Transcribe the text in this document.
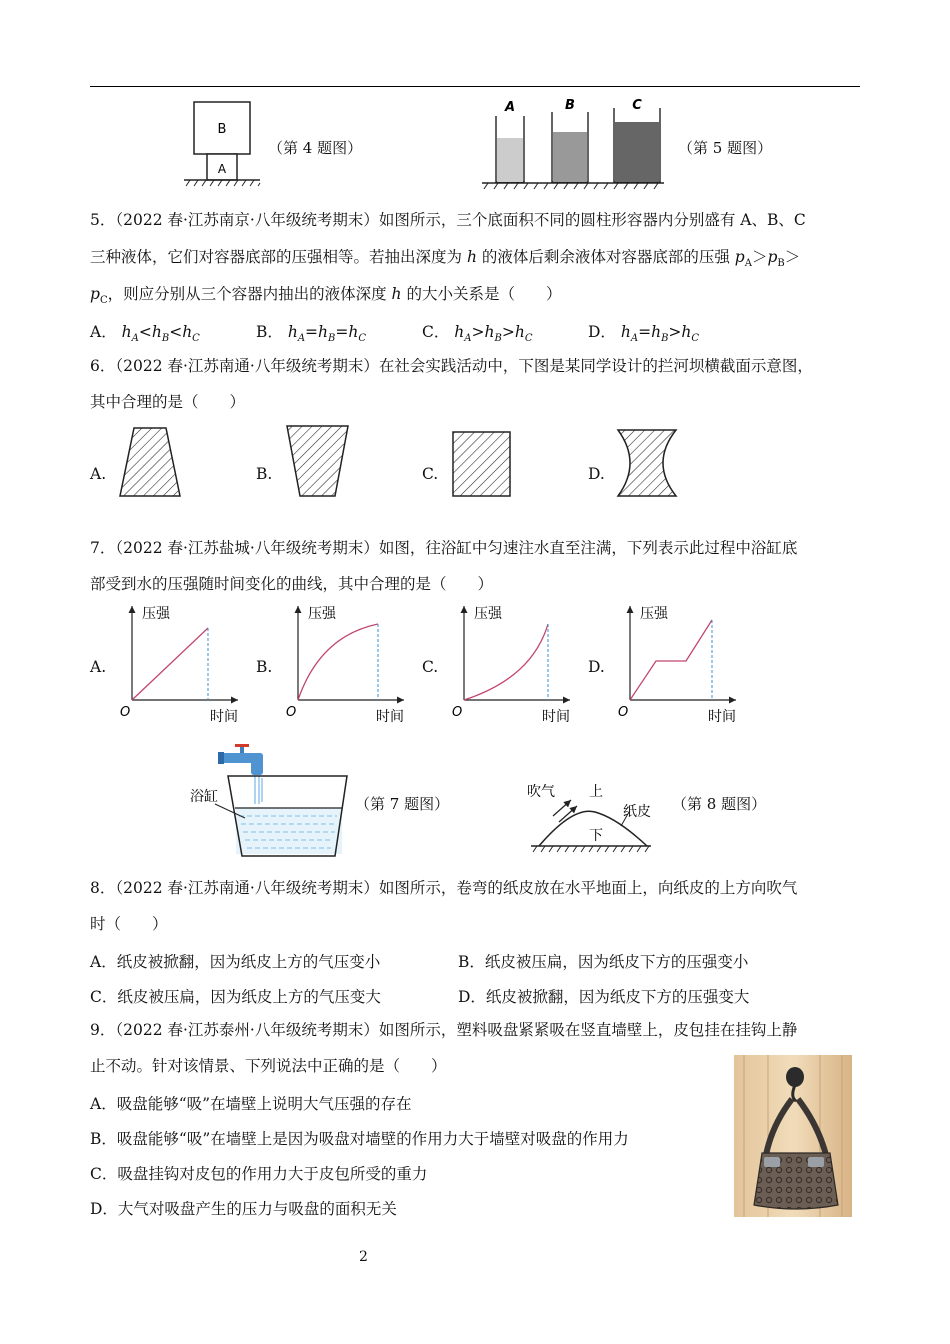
B
A
（第 4 题图）
A	B	C
（第 5 题图）
5．（2022 春·江苏南京·八年级统考期末）如图所示，三个底面积不同的圆柱形容器内分别盛有 A、B、C
三种液体，它们对容器底部的压强相等。若抽出深度为 h 的液体后剩余液体对容器底部的压强 $p_A>p_B>$
$p_C$，则应分别从三个容器内抽出的液体深度 h 的大小关系是（　　）
A． $h_A<h_B<h_C$	B． $h_A=h_B=h_C$	C． $h_A>h_B>h_C$	D． $h_A=h_B>h_C$
6．（2022 春·江苏南通·八年级统考期末）在社会实践活动中，下图是某同学设计的拦河坝横截面示意图，
其中合理的是（　　）
A.	B.	C.	D.
7．（2022 春·江苏盐城·八年级统考期末）如图，往浴缸中匀速注水直至注满，下列表示此过程中浴缸底
部受到水的压强随时间变化的曲线，其中合理的是（　　）
压强
时间
O
压强
时间
O
压强
时间
O
压强
时间
O
A.	B.	C.	D.
浴缸	（第 7 题图）
吹气 上
纸皮
下
（第 8 题图）
8．（2022 春·江苏南通·八年级统考期末）如图所示，卷弯的纸皮放在水平地面上，向纸皮的上方向吹气
时（　　）
A．纸皮被掀翻，因为纸皮上方的气压变小	B．纸皮被压扁，因为纸皮下方的压强变小
C．纸皮被压扁，因为纸皮上方的气压变大	D．纸皮被掀翻，因为纸皮下方的压强变大
9．（2022 春·江苏泰州·八年级统考期末）如图所示，塑料吸盘紧紧吸在竖直墙壁上，皮包挂在挂钩上静
止不动。针对该情景、下列说法中正确的是（　　）
A．吸盘能够“吸”在墙壁上说明大气压强的存在
B．吸盘能够“吸”在墙壁上是因为吸盘对墙壁的作用力大于墙壁对吸盘的作用力
C．吸盘挂钩对皮包的作用力大于皮包所受的重力
D．大气对吸盘产生的压力与吸盘的面积无关
2
